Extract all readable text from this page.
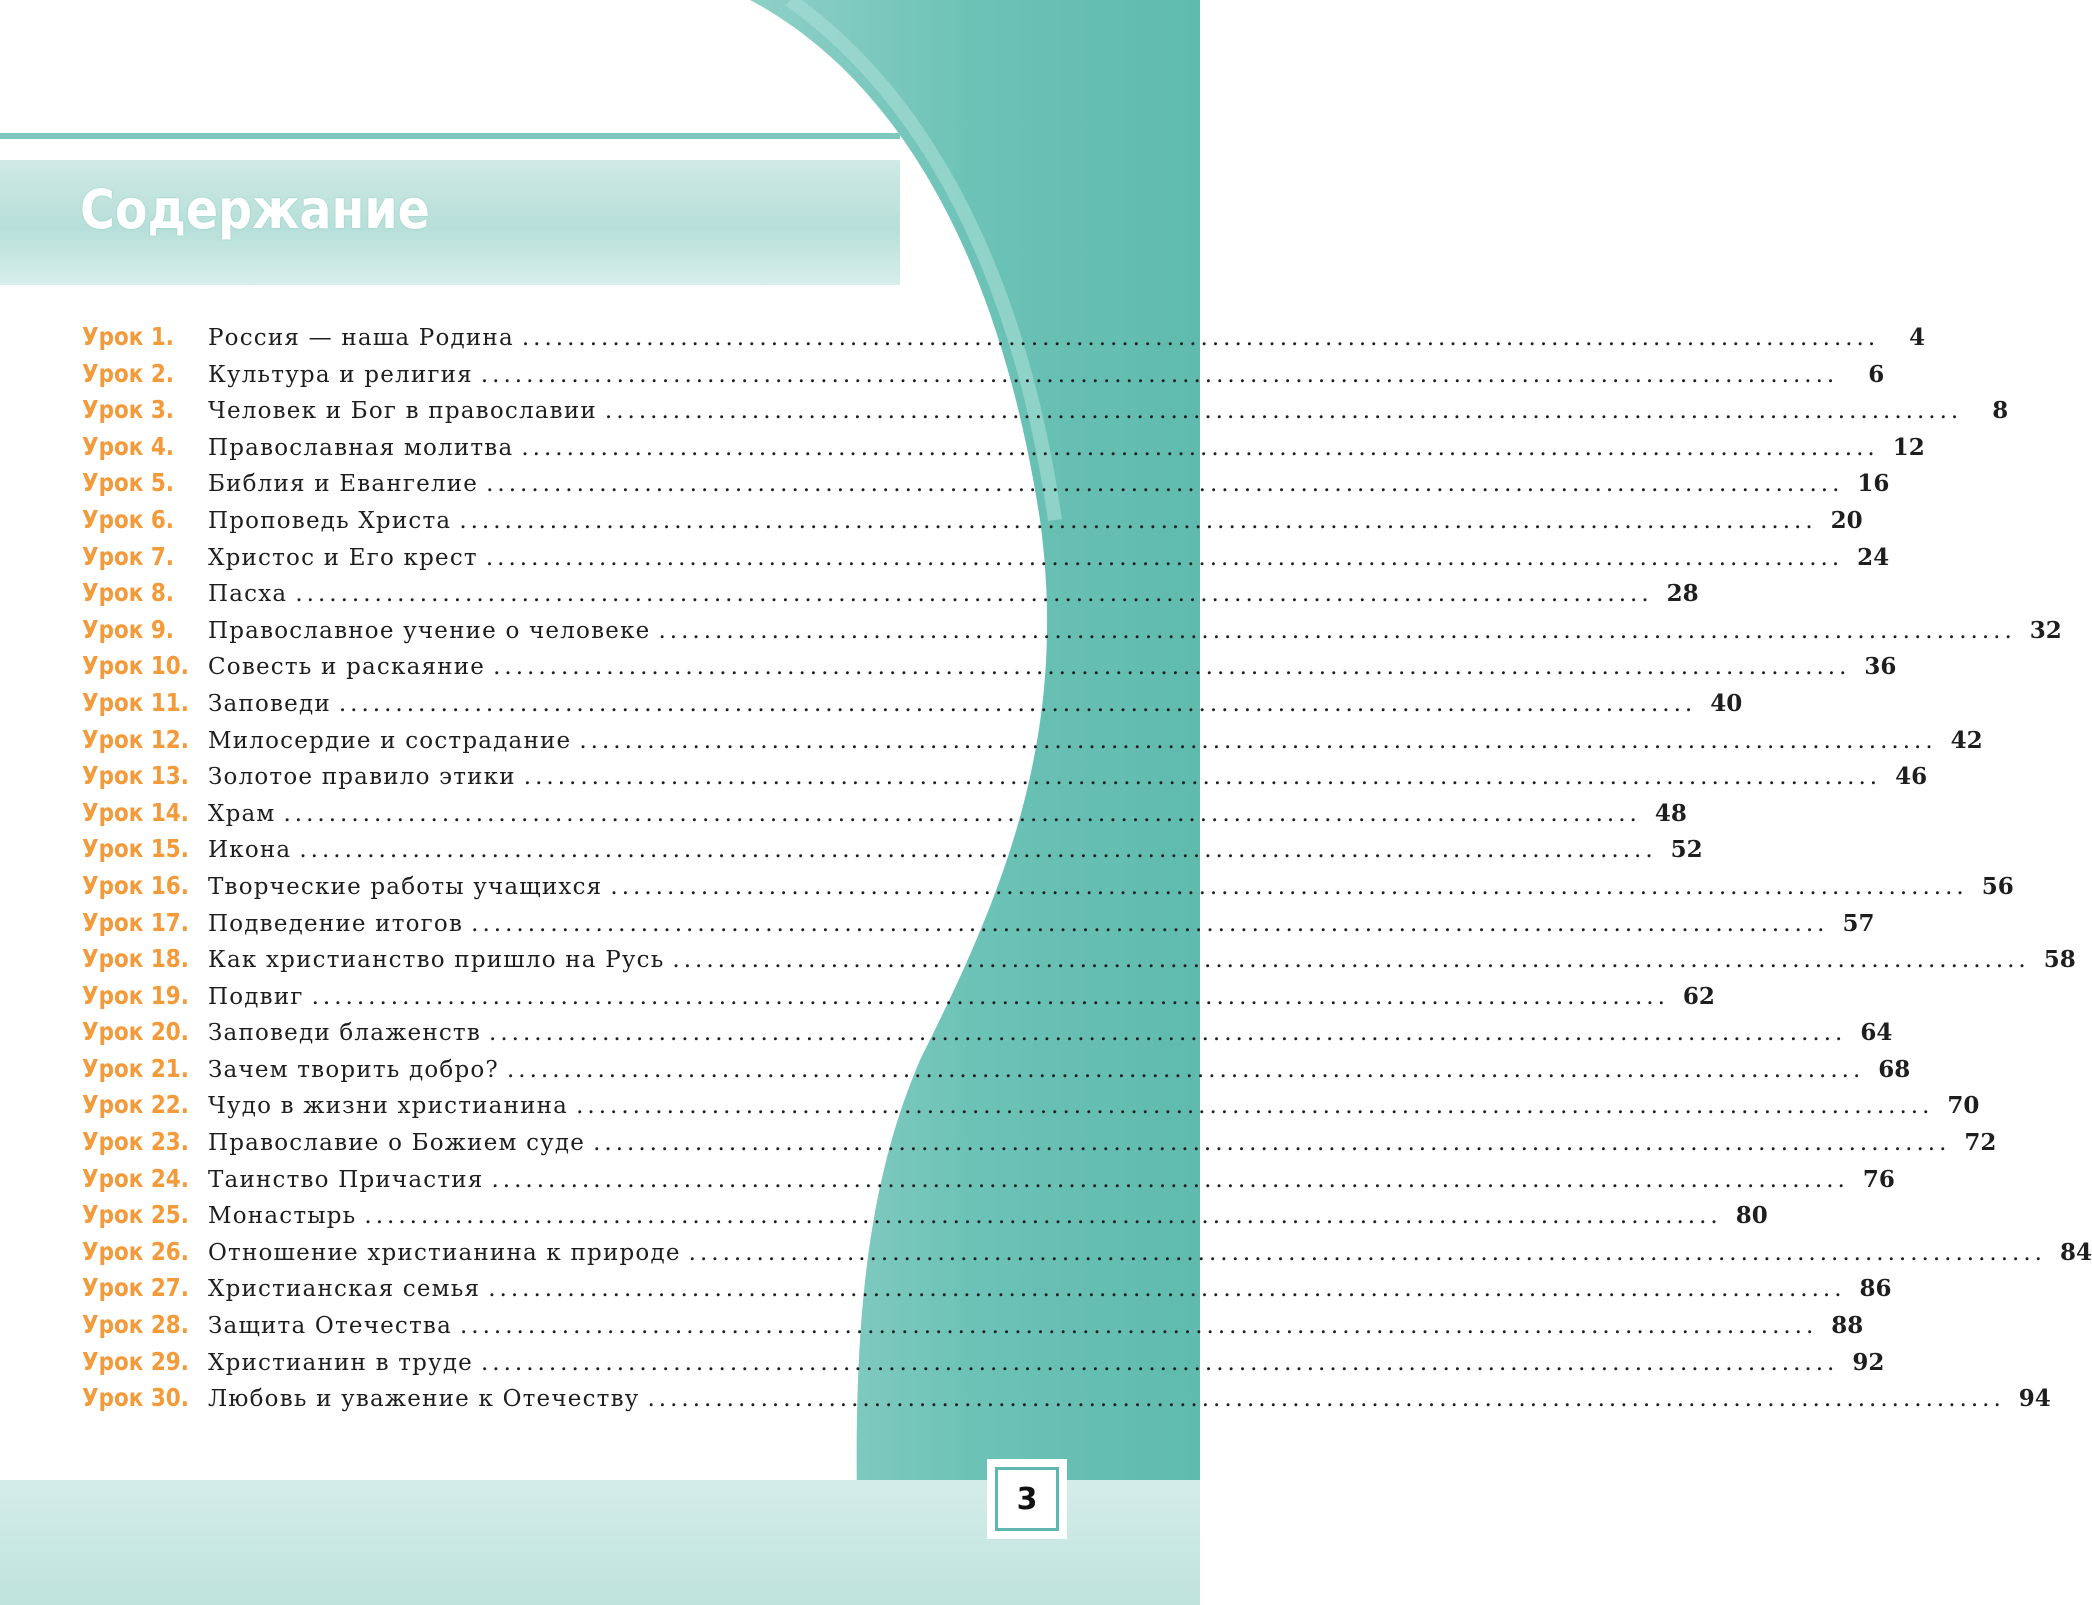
Содержание
Урок 1.	Россия — наша Родина ........................................................................................................................	4
Урок 2.	Культура и религия ........................................................................................................................	6
Урок 3.	Человек и Бог в православии ........................................................................................................................	8
Урок 4.	Православная молитва ........................................................................................................................ 12
Урок 5.	Библия и Евангелие ........................................................................................................................ 16
Урок 6.	Проповедь Христа ........................................................................................................................ 20
Урок 7.	Христос и Его крест ........................................................................................................................ 24
Урок 8.	Пасха ........................................................................................................................ 28
Урок 9.	Православное учение о человеке ........................................................................................................................ 32
Урок 10. Совесть и раскаяние ........................................................................................................................ 36
Урок 11. Заповеди ........................................................................................................................ 40
Урок 12. Милосердие и сострадание ........................................................................................................................ 42
Урок 13. Золотое правило этики ........................................................................................................................ 46
Урок 14. Храм ........................................................................................................................ 48
Урок 15. Икона ........................................................................................................................ 52
Урок 16. Творческие работы учащихся ........................................................................................................................ 56
Урок 17. Подведение итогов ........................................................................................................................ 57
Урок 18. Как христианство пришло на Русь ........................................................................................................................ 58
Урок 19. Подвиг ........................................................................................................................ 62
Урок 20. Заповеди блаженств ........................................................................................................................ 64
Урок 21. Зачем творить добро? ........................................................................................................................ 68
Урок 22. Чудо в жизни христианина ........................................................................................................................ 70
Урок 23. Православие о Божием суде ........................................................................................................................ 72
Урок 24. Таинство Причастия ........................................................................................................................ 76
Урок 25. Монастырь ........................................................................................................................ 80
Урок 26. Отношение христианина к природе ........................................................................................................................ 84
Урок 27. Христианская семья ........................................................................................................................ 86
Урок 28. Защита Отечества ........................................................................................................................ 88
Урок 29. Христианин в труде ........................................................................................................................ 92
Урок 30. Любовь и уважение к Отечеству ........................................................................................................................ 94
3
